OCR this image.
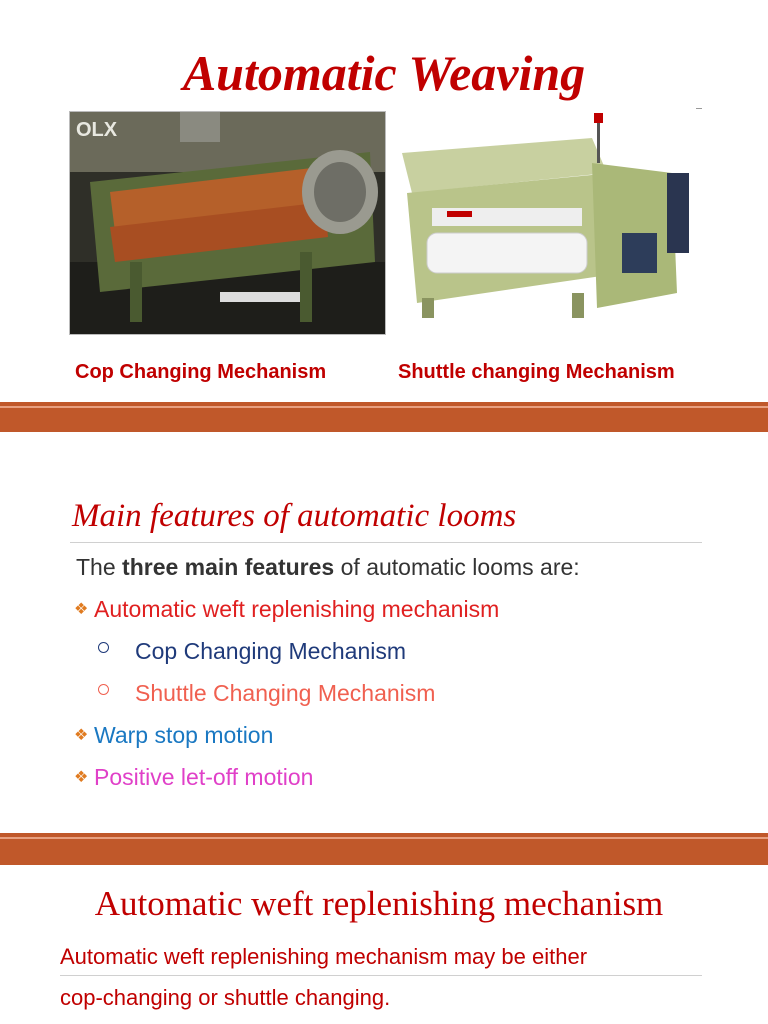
Automatic Weaving
OLX
Cop Changing Mechanism	Shuttle changing Mechanism
Main features of automatic looms
The three main features of automatic looms are:
❖ Automatic weft replenishing mechanism
Cop Changing Mechanism
Shuttle Changing Mechanism
❖ Warp stop motion
❖ Positive let-off motion
Automatic weft replenishing mechanism
Automatic weft replenishing mechanism may be either
cop-changing or shuttle changing.
